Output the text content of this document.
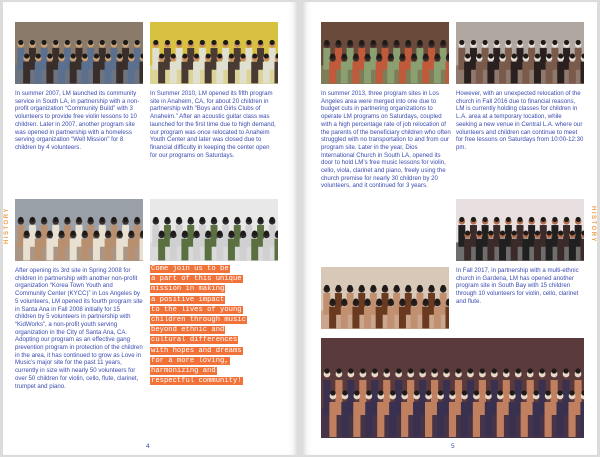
In summer 2007, LM launched its community service in South LA, in partnership with a non-profit organization “Community Build” with 3 volunteers to provide free violin lessons to 10 children. Later in 2007, another program site was opened in partnership with a homeless serving organization “Well Mission” for 8 children by 4 volunteers.

In Summer 2010, LM opened its fifth program site in Anaheim, CA, for about 20 children in partnership with “Boys and Girls Clubs of Anaheim.” After an acoustic guitar class was launched for the first time due to high demand, our program was once relocated to Anaheim Youth Center and later was closed due to financial difficulty in keeping the center open for our programs on Saturdays.

HISTORY

After opening its 3rd site in Spring 2008 for children in partnership with another non-profit organization “Korea Town Youth and Community Center (KYCC)” in Los Angeles by 5 volunteers, LM opened its fourth program site in Santa Ana in Fall 2008 initially for 15 children by 5 volunteers in partnership with “KidWorks”, a non-profit youth serving organization in the City of Santa Ana, CA. Adopting our program as an effective gang prevention program in protection of the children in the area, it has continued to grow as Love in Music’s major site for the past 11 years, currently in size with nearly 50 volunteers for over 50 children for violin, cello, flute, clarinet, trumpet and piano.

Come join us to be
a part of this unique
mission in making
a positive impact
to the lives of young
children through music
beyond ethnic and
cultural differences
with hopes and dreams
for a more loving,
harmonizing and
respectful community!
4

In summer 2013, three program sites in Los Angeles area were merged into one due to budget cuts in partnering organizations to operate LM programs on Saturdays, coupled with a high percentage rate of job relocation of the parents of the beneficiary children who often struggled with no transportation to and from our program site. Later in the year, Dios International Church in South LA, opened its door to hold LM’s free music lessons for violin, cello, viola, clarinet and piano, freely using the church premise for nearly 30 children by 20 volunteers, and it continued for 3 years.

However, with an unexpected relocation of the church in Fall 2016 due to financial reasons, LM is currently holding classes for children in L.A. area at a temporary location, while seeking a new venue in Central L.A. where our volunteers and children can continue to meet for free lessons on Saturdays from 10:00-12:30 pm.

HISTORY

In Fall 2017, in partnership with a multi-ethnic church in Gardena, LM has opened another program site in South Bay with 15 children through 10 volunteers for violin, cello, clarinet and flute.

5
